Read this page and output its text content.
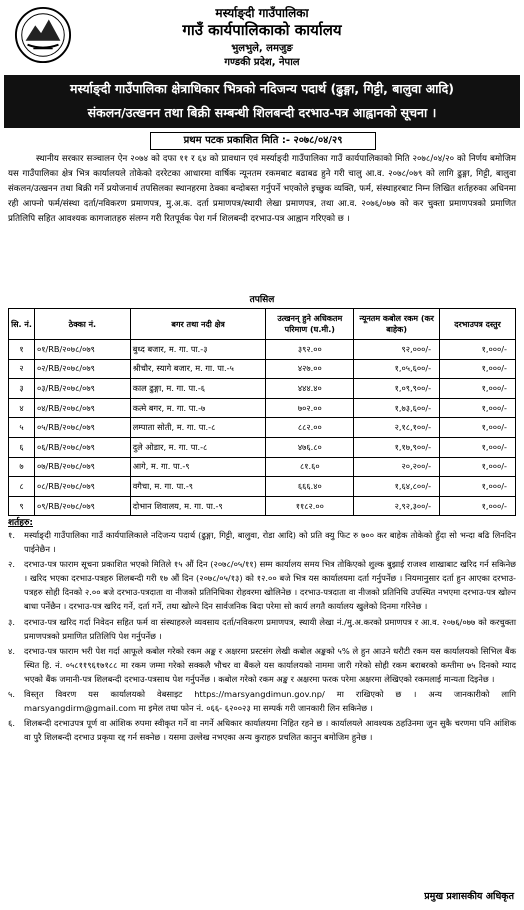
मर्स्याङ्दी गाउँपालिका
गाउँ कार्यपालिकाको कार्यालय
भुलभुले, लमजुङ
गण्डकी प्रदेश, नेपाल
मर्स्याङ्दी गाउँपालिका क्षेत्राधिकार भित्रको नदिजन्य पदार्थ (ढुङ्गा, गिट्टी, बालुवा आदि)
संकलन/उत्खनन तथा बिक्री सम्बन्धी शिलबन्दी दरभाउ-पत्र आह्वानको सूचना ।
प्रथम पटक प्रकाशित मिति :- २०७८/०४/२९
स्थानीय सरकार सञ्चालन ऐन २०७४ को दफा ११ र ६४ को प्रावधान एवं मर्स्याङ्दी गाउँपालिका गाउँ कार्यपालिकाको मिति २०७८/०४/२० को निर्णय बमोजिम यस गाउँपालिका क्षेत्र भित्र कार्यालयले तोकेको दररेटका आधारमा वार्षिक न्यूनतम रकमबाट बढाबढ हुने गरी चालु आ.व. २०७८/०७९ को लागि ढुङ्गा, गिट्टी, बालुवा संकलन/उत्खनन तथा बिक्री गर्ने प्रयोजनार्थ तपसिलका स्थानहरमा ठेक्का बन्दोबस्त गर्नुपर्ने भएकोले इच्छुक व्यक्ति, फर्म, संस्थाहरबाट निम्न लिखित शर्तहरुका अधिनमा रही आफ्नो फर्म/संस्था दर्ता/नविकरण प्रमाणपत्र, मु.अ.क. दर्ता प्रमाणपत्र/स्थायी लेखा प्रमाणपत्र, तथा आ.व. २०७६/०७७ को कर चुक्ता प्रमाणपत्रको प्रमाणित प्रतिलिपि सहित आवश्यक कागजातहरु संलग्न गरी रितपूर्वक पेश गर्न शिलबन्दी दरभाउ-पत्र आह्वान गरिएको छ ।
तपसिल
सि. नं.	ठेक्का नं.	बगर तथा नदी क्षेत्र	उत्खनन् हुने अधिकतम परिमाण (घ.मी.)	न्यूनतम कबोल रकम (कर बाहेक)	दरभाउपत्र दस्तुर
१	०१/RB/२०७८/०७९	बुध्द बजार, म. गा. पा.-३	३९२.००	९२,०००/-	१,०००/-
२	०२/RB/२०७८/०७९	श्रीचौर, स्यागे बजार, म. गा. पा.-५	४२७.००	१,०५,६००/-	१,०००/-
३	०३/RB/२०७८/०७९	काल ढुङ्गा, म. गा. पा.-६	४४४.४०	१,०९,९००/-	१,०००/-
४	०४/RB/२०७८/०७९	कत्मे बगर, म. गा. पा.-७	७०२.००	१,७३,६००/-	१,०००/-
५	०५/RB/२०७८/०७९	लम्पाता सोती, म. गा. पा.-८	८८२.००	२,१८,१००/-	१,०००/-
६	०६/RB/२०७८/०७९	दुले ओडार, म. गा. पा.-८	४७६.८०	१,१७,९००/-	१,०००/-
७	०७/RB/२०७८/०७९	आगे, म. गा. पा.-९	८१.६०	२०,२००/-	१,०००/-
८	०८/RB/२०७८/०७९	वगैचा, म. गा. पा.-९	६६६.४०	१,६४,८००/-	१,०००/-
९	०९/RB/२०७८/०७९	दोभान शिवालय, म. गा. पा.-९	११८२.००	२,९२,३००/-	१,०००/-
शर्तहरु:
१.	मर्स्याङ्दी गाउँपालिका गाउँ कार्यपालिकाले नदिजन्य पदार्थ (ढुङ्गा, गिट्टी, बालुवा, रोडा आदि) को प्रति क्यु फिट रु ७०० कर बाहेक तोकेको हुँदा सो भन्दा बढि लिनदिन पाईनेछैन ।
२.	दरभाउ-पत्र फाराम सूचना प्रकाशित भएको मितिले १५ औं दिन (२०७८/०५/११) सम्म कार्यालय समय भित्र तोकिएको शुल्क बुझाई राजश्व शाखाबाट खरिद गर्न सकिनेछ । खरिद भएका दरभाउ-पत्रहरु शिलबन्दी गरी १७ औं दिन (२०७८/०५/१३) को १२.०० बजे भित्र यस कार्यालयमा दर्ता गर्नुपर्नेछ । नियमानुसार दर्ता हुन आएका दरभाउ-पत्रहरु सोही दिनको २.०० बजे दरभाउ-पत्रदाता वा नीजको प्रतिनिधिका रोहवरमा खोलिनेछ । दरभाउ-पत्रदाता वा नीजको प्रतिनिधि उपस्थित नभएमा दरभाउ-पत्र खोल्न बाधा पर्नेछैन । दरभाउ-पत्र खरिद गर्ने, दर्ता गर्ने, तथा खोल्ने दिन सार्वजनिक बिदा परेमा सो कार्य लगतै कार्यालय खुलेको दिनमा गरिनेछ ।
३.	दरभाउ-पत्र खरिद गर्दा निवेदन सहित फर्म वा संस्थाहरुले व्यवसाय दर्ता/नविकरण प्रमाणपत्र, स्थायी लेखा नं./मु.अ.करको प्रमाणपत्र र आ.व. २०७६/०७७ को करचुक्ता प्रमाणपत्रको प्रमाणित प्रतिलिपि पेश गर्नुपर्नेछ ।
४.	दरभाउ-पत्र फाराम भरी पेश गर्दा आफूले कबोल गरेको रकम अङ्क र अक्षरमा प्रस्टसंग लेखी कबोल अङ्कको ५% ले हुन आउने धरौटी रकम यस कार्यालयको सिभिल बैंक स्थित हि. नं. ०५८११९६१७१८८ मा रकम जम्मा गरेको सक्कलै भौचर वा बैंकले यस कार्यालयको नाममा जारी गरेको सोही रकम बराबरको कम्तीमा ७५ दिनको म्याद भएको बैंक जमानी-पत्र शिलबन्दी दरभाउ-पत्रसाथ पेश गर्नुपर्नेछ । कबोल गरेको रकम अङ्क र अक्षरमा फरक परेमा अक्षरमा लेखिएको रकमलाई मान्यता दिइनेछ ।
५.	विस्तृत विवरण यस कार्यालयको वेबसाइट https://marsyangdimun.gov.np/ मा राखिएको छ । अन्य जानकारीको लागि marsyangdirm@gmail.com मा इमेल तथा फोन नं. ०६६- ६२००२३ मा सम्पर्क गरी जानकारी लिन सकिनेछ ।
६.	शिलबन्दी दरभाउपत्र पूर्ण वा आंशिक रुपमा स्वीकृत गर्ने वा नगर्ने अधिकार कार्यालयमा निहित रहने छ । कार्यालयले आवश्यक ठहउिनमा जुन सुकै चरणमा पनि आंशिक वा पुरै शिलबन्दी दरभाउ प्रकृया रद्द गर्न सक्नेछ । यसमा उल्लेख नभएका अन्य कुराहरु प्रचलित कानुन बमोजिम हुनेछ ।
प्रमुख प्रशासकीय अधिकृत
